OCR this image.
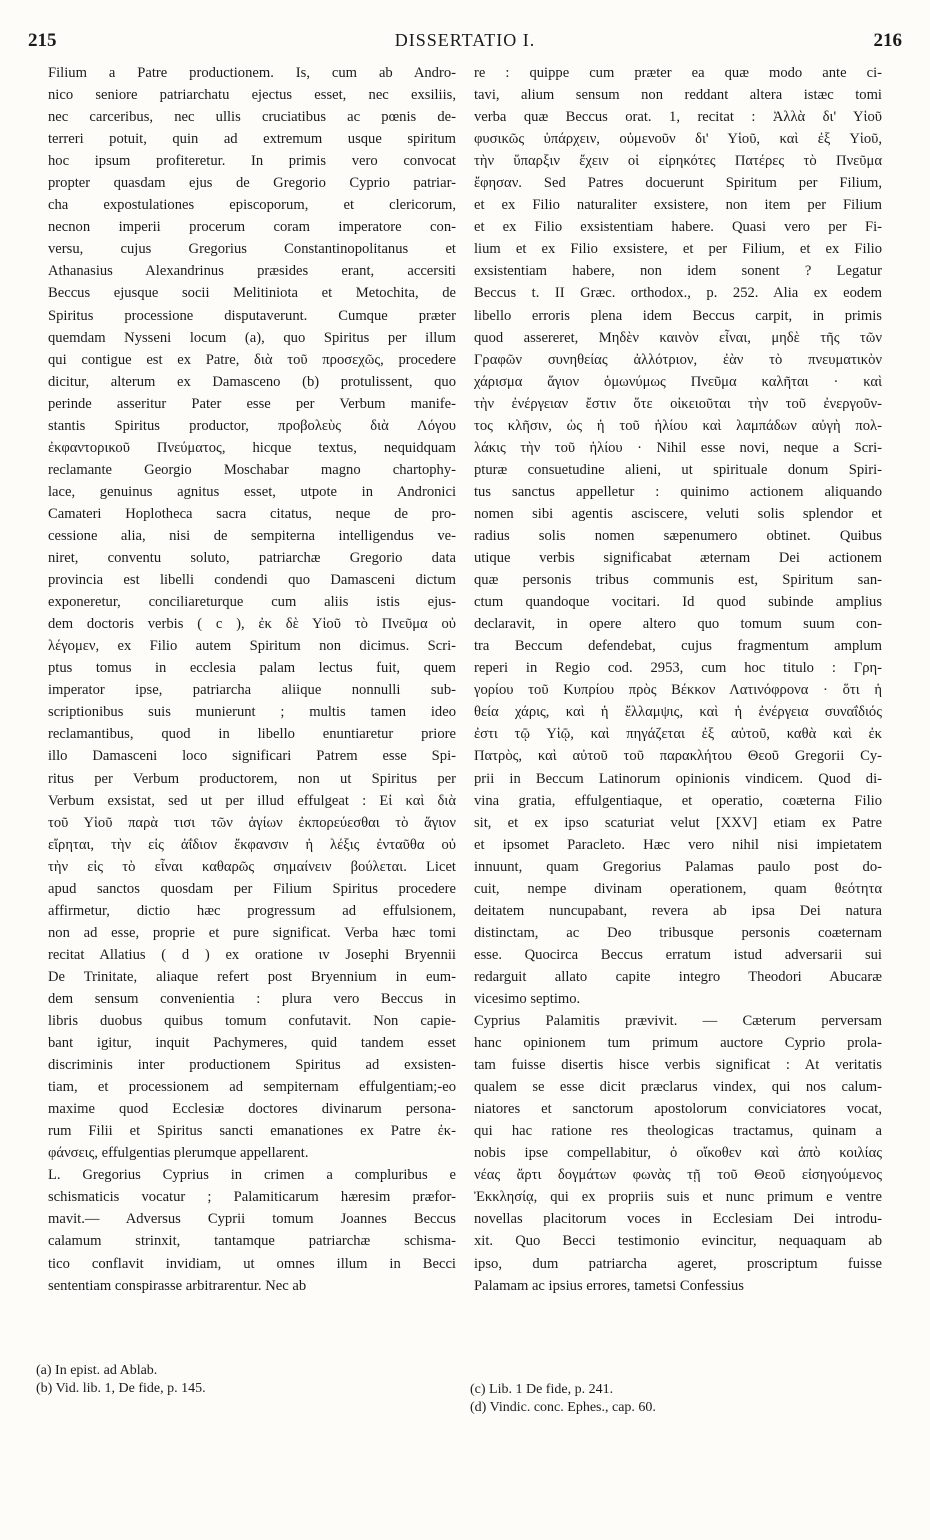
215	DISSERTATIO I.	216
Filium a Patre productionem. Is, cum ab Andro-
nico seniore patriarchatu ejectus esset, nec exsiliis,
nec carceribus, nec ullis cruciatibus ac pœnis de-
terreri potuit, quin ad extremum usque spiritum
hoc ipsum profiteretur. In primis vero convocat
propter quasdam ejus de Gregorio Cyprio patriar-
cha expostulationes episcoporum, et clericorum,
necnon imperii procerum coram imperatore con-
versu, cujus Gregorius Constantinopolitanus et
Athanasius Alexandrinus præsides erant, accersiti
Beccus ejusque socii Melitiniota et Metochita, de
Spiritus processione disputaverunt. Cumque præter
quemdam Nysseni locum (a), quo Spiritus per illum
qui contigue est ex Patre, διὰ τοῦ προσεχῶς, procedere
dicitur, alterum ex Damasceno (b) protulissent, quo
perinde asseritur Pater esse per Verbum manife-
stantis Spiritus productor, προβολεὺς διὰ Λόγου
ἐκφαντορικοῦ Πνεύματος, hicque textus, nequidquam
reclamante Georgio Moschabar magno chartophy-
lace, genuinus agnitus esset, utpote in Andronici
Camateri Hoplotheca sacra citatus, neque de pro-
cessione alia, nisi de sempiterna intelligendus ve-
niret, conventu soluto, patriarchæ Gregorio data
provincia est libelli condendi quo Damasceni dictum
exponeretur, conciliareturque cum aliis istis ejus-
dem doctoris verbis ( c ), ἐκ δὲ Υἱοῦ τὸ Πνεῦμα οὐ
λέγομεν, ex Filio autem Spiritum non dicimus. Scri-
ptus tomus in ecclesia palam lectus fuit, quem
imperator ipse, patriarcha aliique nonnulli sub-
scriptionibus suis munierunt ; multis tamen ideo
reclamantibus, quod in libello enuntiaretur priore
illo Damasceni loco significari Patrem esse Spi-
ritus per Verbum productorem, non ut Spiritus per
Verbum exsistat, sed ut per illud effulgeat : Εἰ καὶ διὰ
τοῦ Υἱοῦ παρὰ τισι τῶν ἁγίων ἐκπορεύεσθαι τὸ ἅγιον
εἴρηται, τὴν εἰς ἀΐδιον ἔκφανσιν ἡ λέξις ἐνταῦθα οὐ
τὴν εἰς τὸ εἶναι καθαρῶς σημαίνειν βούλεται. Licet
apud sanctos quosdam per Filium Spiritus procedere
affirmetur, dictio hæc progressum ad effulsionem,
non ad esse, proprie et pure significat. Verba hæc tomi
recitat Allatius ( d ) ex oratione ιv Josephi Bryennii
De Trinitate, aliaque refert post Bryennium in eum-
dem sensum convenientia : plura vero Beccus in
libris duobus quibus tomum confutavit. Non capie-
bant igitur, inquit Pachymeres, quid tandem esset
discriminis inter productionem Spiritus ad exsisten-
tiam, et processionem ad sempiternam effulgentiam;-eo
maxime quod Ecclesiæ doctores divinarum persona-
rum Filii et Spiritus sancti emanationes ex Patre ἐκ-
φάνσεις, effulgentias plerumque appellarent.
L. Gregorius Cyprius in crimen a compluribus e
schismaticis vocatur ; Palamiticarum hæresim præfor-
mavit.— Adversus Cyprii tomum Joannes Beccus
calamum strinxit, tantamque patriarchæ schisma-
tico conflavit invidiam, ut omnes illum in Becci
sententiam conspirasse arbitrarentur. Nec ab
re : quippe cum præter ea quæ modo ante ci-
tavi, alium sensum non reddant altera istæc tomi
verba quæ Beccus orat. 1, recitat : Ἀλλὰ δι' Υἱοῦ
φυσικῶς ὑπάρχειν, οὐμενοῦν δι' Υἱοῦ, καὶ ἐξ Υἱοῦ,
τὴν ὕπαρξιν ἔχειν οἱ εἰρηκότες Πατέρες τὸ Πνεῦμα
ἔφησαν. Sed Patres docuerunt Spiritum per Filium,
et ex Filio naturaliter exsistere, non item per Filium
et ex Filio exsistentiam habere. Quasi vero per Fi-
lium et ex Filio exsistere, et per Filium, et ex Filio
exsistentiam habere, non idem sonent ? Legatur
Beccus t. II Græc. orthodox., p. 252. Alia ex eodem
libello erroris plena idem Beccus carpit, in primis
quod assereret, Μηδὲν καινὸν εἶναι, μηδὲ τῆς τῶν
Γραφῶν συνηθείας ἀλλότριον, ἐὰν τὸ πνευματικὸν
χάρισμα ἅγιον ὁμωνύμως Πνεῦμα καλῆται · καὶ
τὴν ἐνέργειαν ἔστιν ὅτε οἰκειοῦται τὴν τοῦ ἐνεργοῦν-
τος κλῆσιν, ὡς ἡ τοῦ ἡλίου καὶ λαμπάδων αὐγὴ πολ-
λάκις τὴν τοῦ ἡλίου · Nihil esse novi, neque a Scri-
pturæ consuetudine alieni, ut spirituale donum Spiri-
tus sanctus appelletur : quinimo actionem aliquando
nomen sibi agentis asciscere, veluti solis splendor et
radius solis nomen sæpenumero obtinet. Quibus
utique verbis significabat æternam Dei actionem
quæ personis tribus communis est, Spiritum san-
ctum quandoque vocitari. Id quod subinde amplius
declaravit, in opere altero quo tomum suum con-
tra Beccum defendebat, cujus fragmentum amplum
reperi in Regio cod. 2953, cum hoc titulo : Γρη-
γορίου τοῦ Κυπρίου πρὸς Βέκκον Λατινόφρονα · ὅτι ἡ
θεία χάρις, καὶ ἡ ἔλλαμψις, καὶ ἡ ἐνέργεια συναΐδιός
ἐστι τῷ Υἱῷ, καὶ πηγάζεται ἐξ αὐτοῦ, καθὰ καὶ ἐκ
Πατρὸς, καὶ αὐτοῦ τοῦ παρακλήτου Θεοῦ Gregorii Cy-
prii in Beccum Latinorum opinionis vindicem. Quod di-
vina gratia, effulgentiaque, et operatio, coæterna Filio
sit, et ex ipso scaturiat velut [XXV] etiam ex Patre
et ipsomet Paracleto. Hæc vero nihil nisi impietatem
innuunt, quam Gregorius Palamas paulo post do-
cuit, nempe divinam operationem, quam θεότητα
deitatem nuncupabant, revera ab ipsa Dei natura
distinctam, ac Deo tribusque personis coæternam
esse. Quocirca Beccus erratum istud adversarii sui
redarguit allato capite integro Theodori Abucaræ
vicesimo septimo.
Cyprius Palamitis prævivit. — Cæterum perversam
hanc opinionem tum primum auctore Cyprio prola-
tam fuisse disertis hisce verbis significat : At veritatis
qualem se esse dicit præclarus vindex, qui nos calum-
niatores et sanctorum apostolorum conviciatores vocat,
qui hac ratione res theologicas tractamus, quinam a
nobis ipse compellabitur, ὁ οἴκοθεν καὶ ἀπὸ κοιλίας
νέας ἄρτι δογμάτων φωνὰς τῇ τοῦ Θεοῦ εἰσηγούμενος
Ἐκκλησίᾳ, qui ex propriis suis et nunc primum e ventre
novellas placitorum voces in Ecclesiam Dei introdu-
xit. Quo Becci testimonio evincitur, nequaquam ab
ipso, dum patriarcha ageret, proscriptum fuisse
Palamam ac ipsius errores, tametsi Confessius
(a) In epist. ad Ablab.
(b) Vid. lib. 1, De fide, p. 145.	(c) Lib. 1 De fide, p. 241.
(d) Vindic. conc. Ephes., cap. 60.
